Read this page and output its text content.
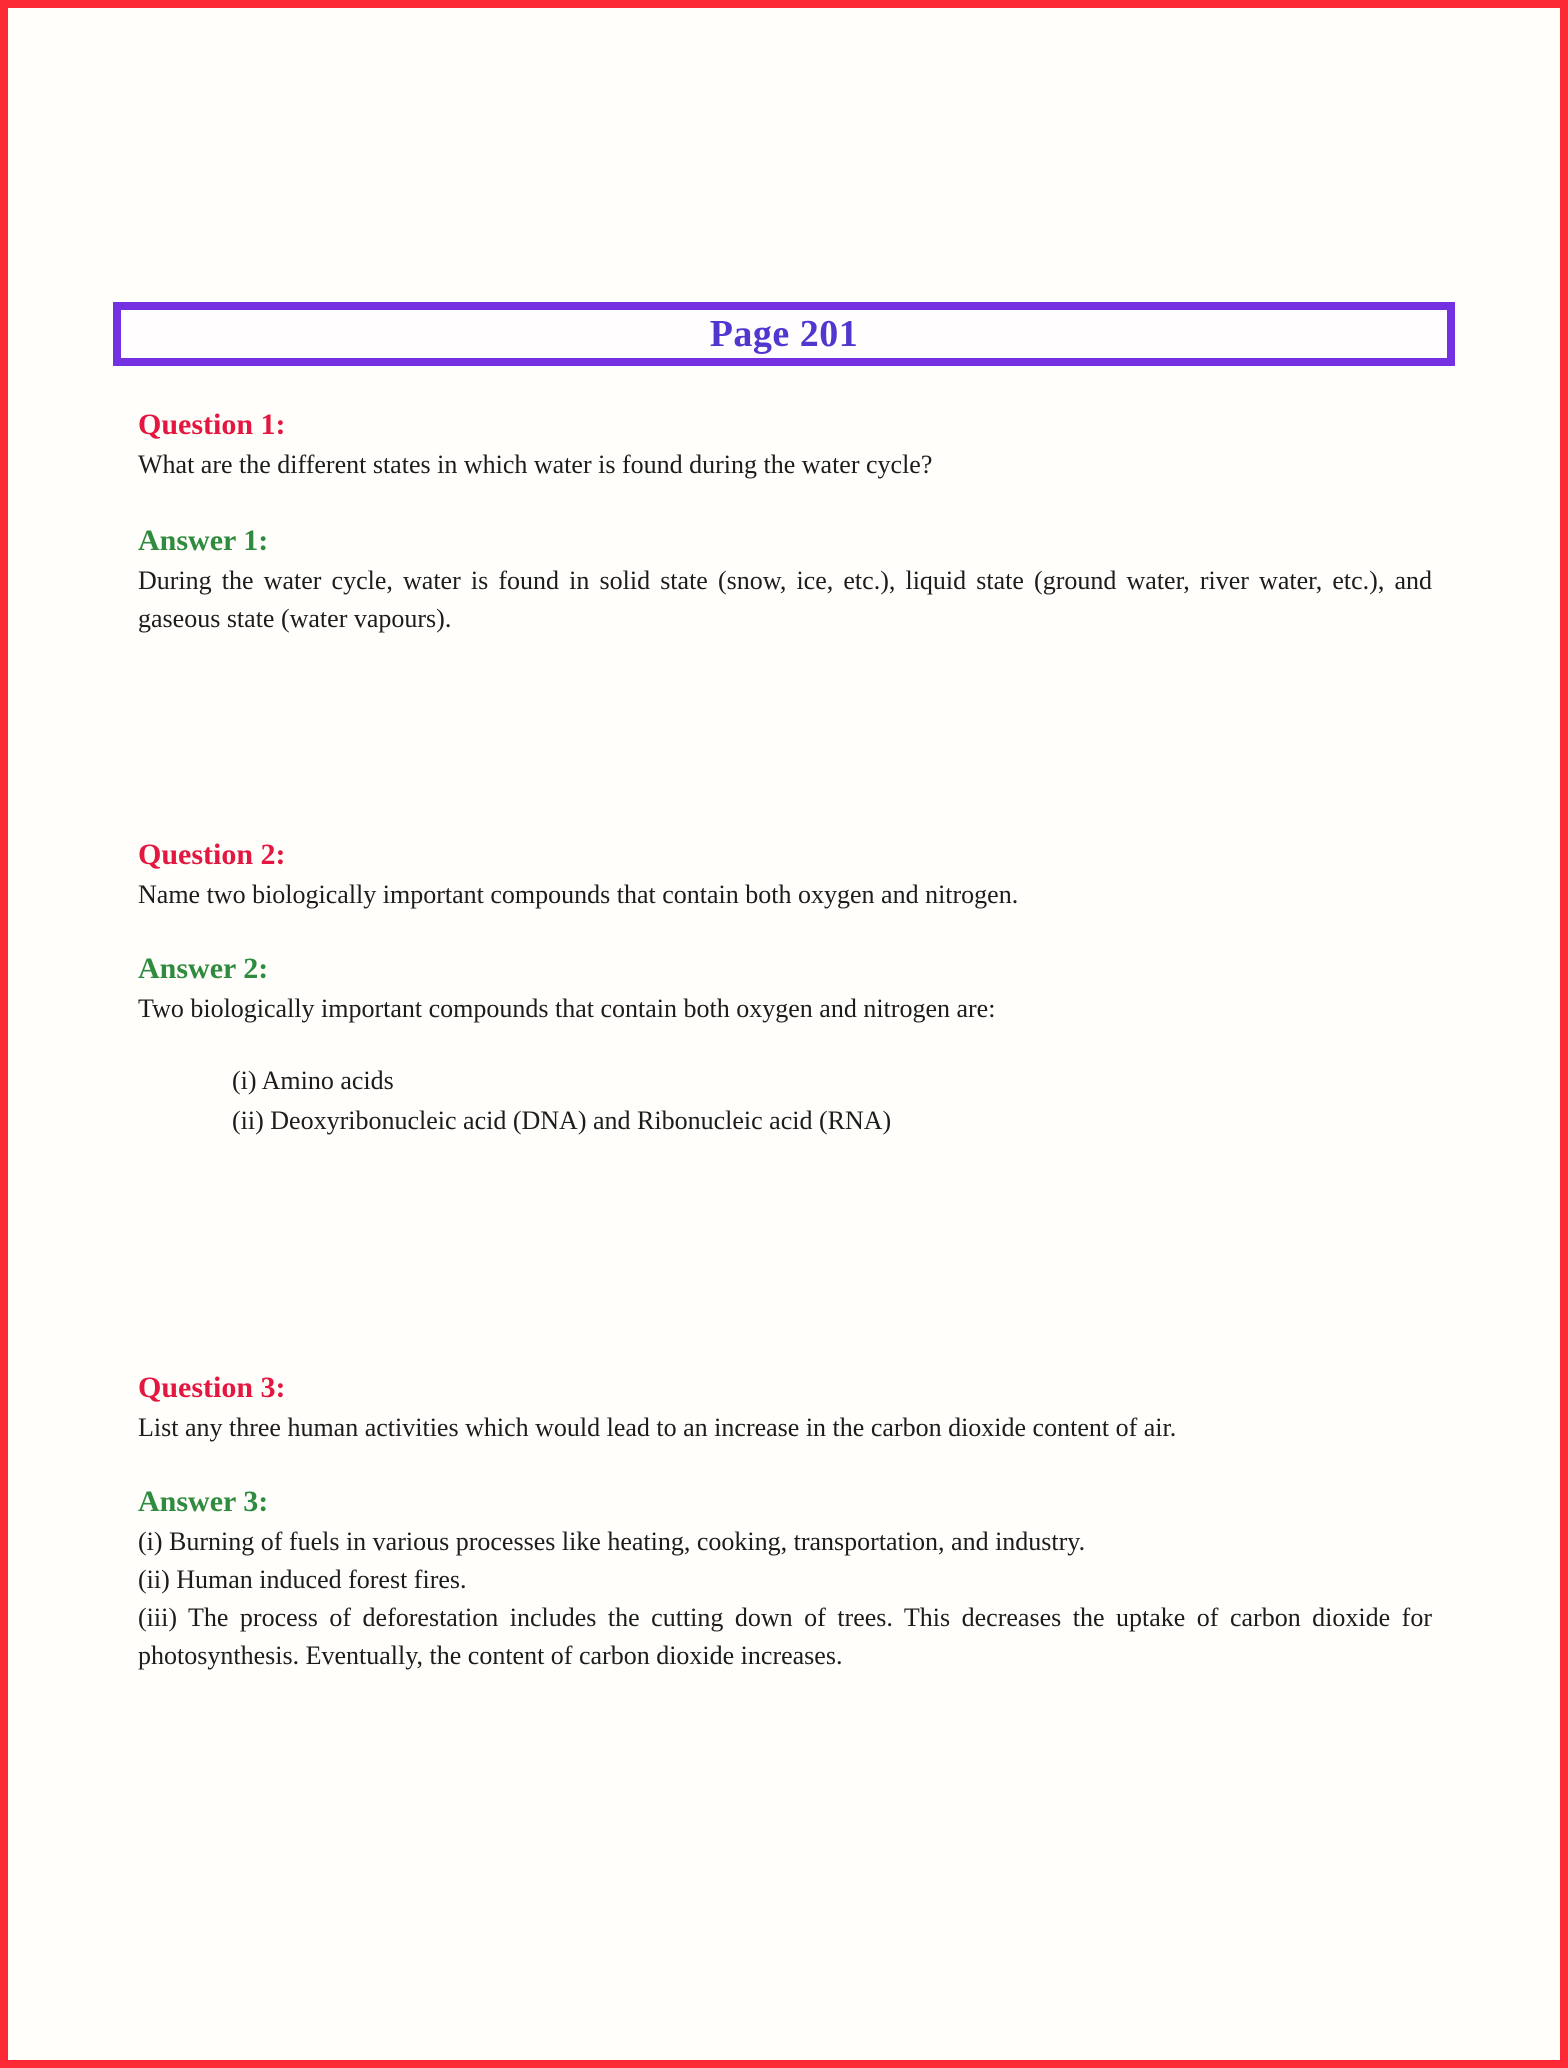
Page 201
Question 1:

What are the different states in which water is found during the water cycle?

Answer 1:

During the water cycle, water is found in solid state (snow, ice, etc.), liquid state (ground water, river water, etc.), and gaseous state (water vapours).

Question 2:

Name two biologically important compounds that contain both oxygen and nitrogen.

Answer 2:

Two biologically important compounds that contain both oxygen and nitrogen are:

(i) Amino acids

(ii) Deoxyribonucleic acid (DNA) and Ribonucleic acid (RNA)

Question 3:

List any three human activities which would lead to an increase in the carbon dioxide content of air.

Answer 3:

(i) Burning of fuels in various processes like heating, cooking, transportation, and industry.

(ii) Human induced forest fires.

(iii) The process of deforestation includes the cutting down of trees. This decreases the uptake of carbon dioxide for photosynthesis. Eventually, the content of carbon dioxide increases.
